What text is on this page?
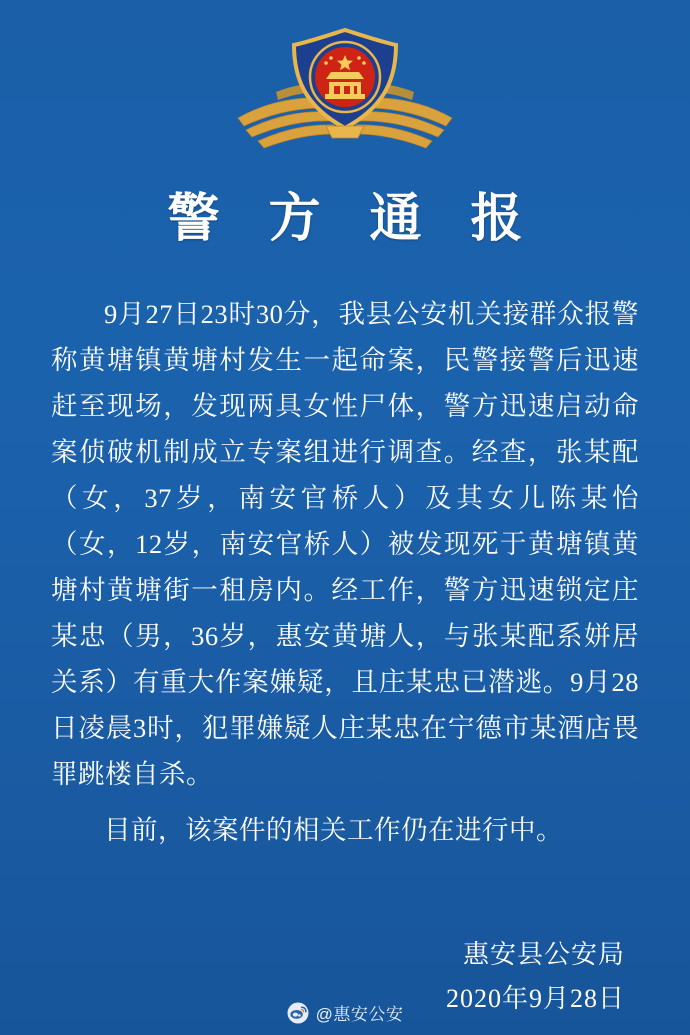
警 方 通 报

9月27日23时30分，我县公安机关接群众报警称黄塘镇黄塘村发生一起命案，民警接警后迅速赶至现场，发现两具女性尸体，警方迅速启动命案侦破机制成立专案组进行调查。经查，张某配（女，37岁，南安官桥人）及其女儿陈某怡（女，12岁，南安官桥人）被发现死于黄塘镇黄塘村黄塘街一租房内。经工作，警方迅速锁定庄某忠（男，36岁，惠安黄塘人，与张某配系姘居关系）有重大作案嫌疑，且庄某忠已潜逃。9月28日凌晨3时，犯罪嫌疑人庄某忠在宁德市某酒店畏罪跳楼自杀。

目前，该案件的相关工作仍在进行中。

惠安县公安局
2020年9月28日
@惠安公安
